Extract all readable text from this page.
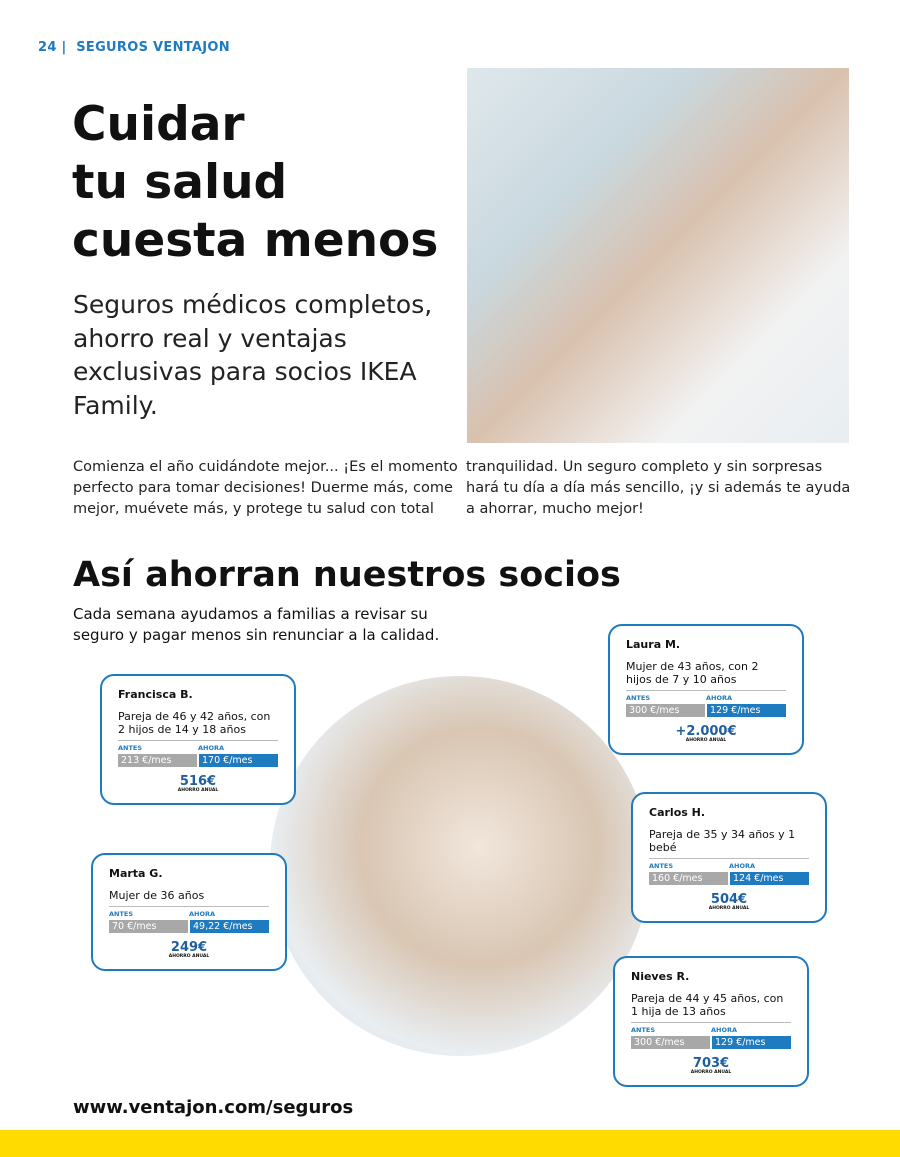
24 | SEGUROS VENTAJON
Cuidar
tu salud
cuesta menos
Seguros médicos completos, ahorro real y ventajas exclusivas para socios IKEA Family.
Comienza el año cuidándote mejor... ¡Es el momento perfecto para tomar decisiones! Duerme más, come mejor, muévete más, y protege tu salud con total
tranquilidad. Un seguro completo y sin sorpresas hará tu día a día más sencillo, ¡y si además te ayuda a ahorrar, mucho mejor!
Así ahorran nuestros socios
Cada semana ayudamos a familias a revisar su seguro y pagar menos sin renunciar a la calidad.
Francisca B.
Pareja de 46 y 42 años, con 2 hijos de 14 y 18 años
ANTES	AHORA
213 €/mes	170 €/mes
516€
AHORRO ANUAL
Laura M.
Mujer de 43 años, con 2 hijos de 7 y 10 años
ANTES	AHORA
300 €/mes	129 €/mes
+2.000€
AHORRO ANUAL
Marta G.
Mujer de 36 años
ANTES	AHORA
70 €/mes	49,22 €/mes
249€
AHORRO ANUAL
Carlos H.
Pareja de 35 y 34 años y 1 bebé
ANTES	AHORA
160 €/mes	124 €/mes
504€
AHORRO ANUAL
Nieves R.
Pareja de 44 y 45 años, con 1 hija de 13 años
ANTES	AHORA
300 €/mes	129 €/mes
703€
AHORRO ANUAL
www.ventajon.com/seguros
